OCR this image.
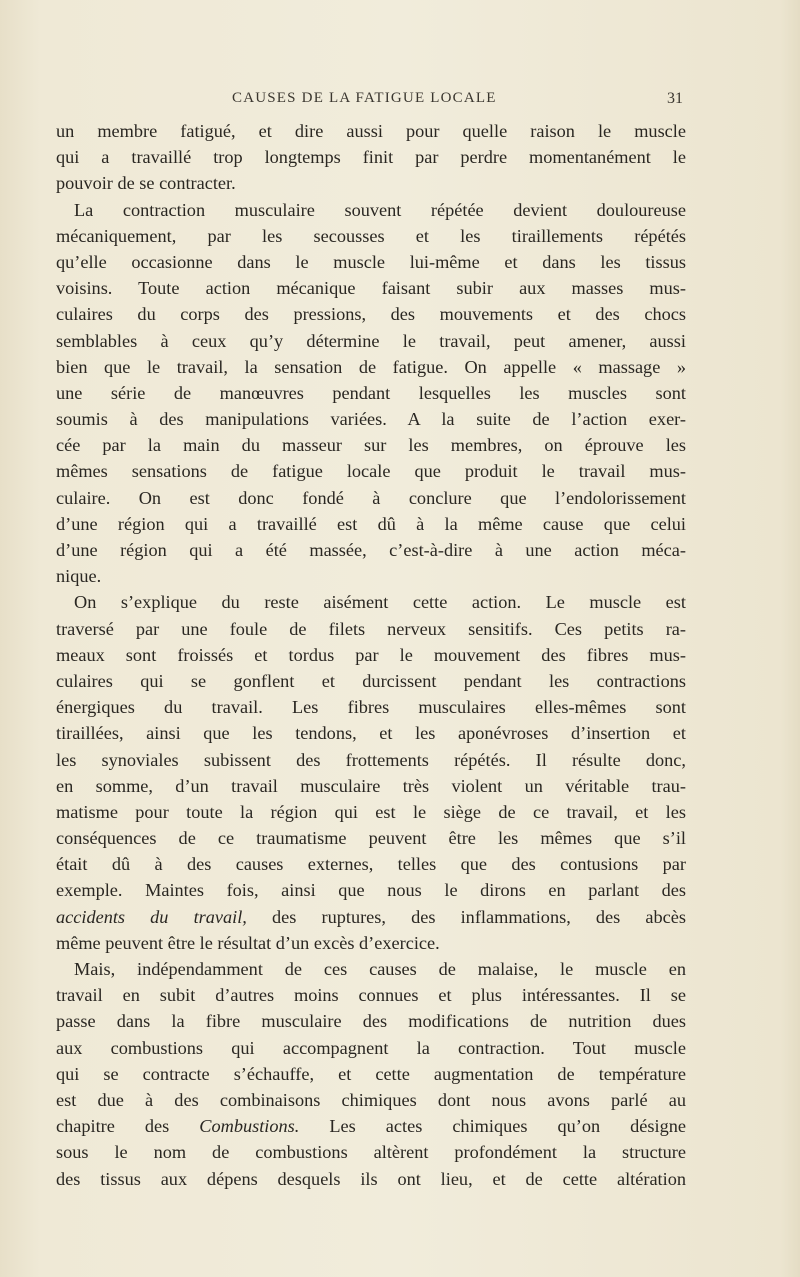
CAUSES DE LA FATIGUE LOCALE	31
un membre fatigué, et dire aussi pour quelle raison le muscle
qui a travaillé trop longtemps finit par perdre momentanément le
pouvoir de se contracter.
La contraction musculaire souvent répétée devient douloureuse
mécaniquement, par les secousses et les tiraillements répétés
qu’elle occasionne dans le muscle lui-même et dans les tissus
voisins. Toute action mécanique faisant subir aux masses mus-
culaires du corps des pressions, des mouvements et des chocs
semblables à ceux qu’y détermine le travail, peut amener, aussi
bien que le travail, la sensation de fatigue. On appelle « massage »
une série de manœuvres pendant lesquelles les muscles sont
soumis à des manipulations variées. A la suite de l’action exer-
cée par la main du masseur sur les membres, on éprouve les
mêmes sensations de fatigue locale que produit le travail mus-
culaire. On est donc fondé à conclure que l’endolorissement
d’une région qui a travaillé est dû à la même cause que celui
d’une région qui a été massée, c’est-à-dire à une action méca-
nique.
On s’explique du reste aisément cette action. Le muscle est
traversé par une foule de filets nerveux sensitifs. Ces petits ra-
meaux sont froissés et tordus par le mouvement des fibres mus-
culaires qui se gonflent et durcissent pendant les contractions
énergiques du travail. Les fibres musculaires elles-mêmes sont
tiraillées, ainsi que les tendons, et les aponévroses d’insertion et
les synoviales subissent des frottements répétés. Il résulte donc,
en somme, d’un travail musculaire très violent un véritable trau-
matisme pour toute la région qui est le siège de ce travail, et les
conséquences de ce traumatisme peuvent être les mêmes que s’il
était dû à des causes externes, telles que des contusions par
exemple. Maintes fois, ainsi que nous le dirons en parlant des
accidents du travail, des ruptures, des inflammations, des abcès
même peuvent être le résultat d’un excès d’exercice.
Mais, indépendamment de ces causes de malaise, le muscle en
travail en subit d’autres moins connues et plus intéressantes. Il se
passe dans la fibre musculaire des modifications de nutrition dues
aux combustions qui accompagnent la contraction. Tout muscle
qui se contracte s’échauffe, et cette augmentation de température
est due à des combinaisons chimiques dont nous avons parlé au
chapitre des Combustions. Les actes chimiques qu’on désigne
sous le nom de combustions altèrent profondément la structure
des tissus aux dépens desquels ils ont lieu, et de cette altération
